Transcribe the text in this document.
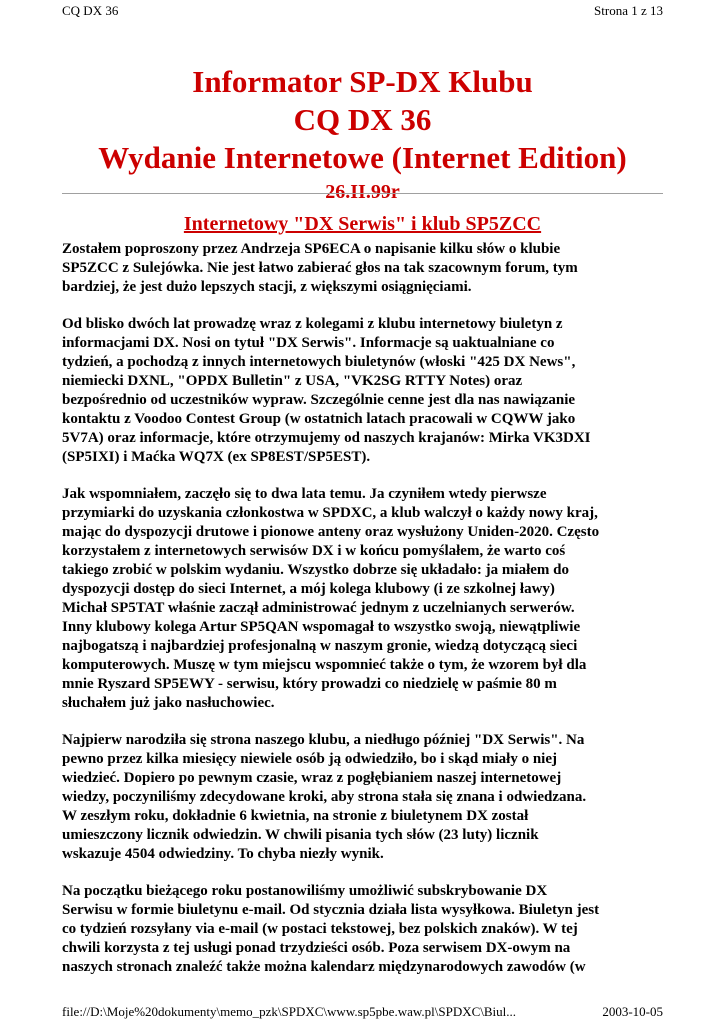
CQ DX 36	Strona 1 z 13
Informator SP-DX Klubu
CQ DX 36
Wydanie Internetowe (Internet Edition)
26.II.99r
Internetowy "DX Serwis" i klub SP5ZCC
Zostałem poproszony przez Andrzeja SP6ECA o napisanie kilku słów o klubie
SP5ZCC z Sulejówka. Nie jest łatwo zabierać głos na tak szacownym forum, tym
bardziej, że jest dużo lepszych stacji, z większymi osiągnięciami.
Od blisko dwóch lat prowadzę wraz z kolegami z klubu internetowy biuletyn z
informacjami DX. Nosi on tytuł "DX Serwis". Informacje są uaktualniane co
tydzień, a pochodzą z innych internetowych biuletynów (włoski "425 DX News",
niemiecki DXNL, "OPDX Bulletin" z USA, "VK2SG RTTY Notes) oraz
bezpośrednio od uczestników wypraw. Szczególnie cenne jest dla nas nawiązanie
kontaktu z Voodoo Contest Group (w ostatnich latach pracowali w CQWW jako
5V7A) oraz informacje, które otrzymujemy od naszych krajanów: Mirka VK3DXI
(SP5IXI) i Maćka WQ7X (ex SP8EST/SP5EST).
Jak wspomniałem, zaczęło się to dwa lata temu. Ja czyniłem wtedy pierwsze
przymiarki do uzyskania członkostwa w SPDXC, a klub walczył o każdy nowy kraj,
mając do dyspozycji drutowe i pionowe anteny oraz wysłużony Uniden-2020. Często
korzystałem z internetowych serwisów DX i w końcu pomyślałem, że warto coś
takiego zrobić w polskim wydaniu. Wszystko dobrze się układało: ja miałem do
dyspozycji dostęp do sieci Internet, a mój kolega klubowy (i ze szkolnej ławy)
Michał SP5TAT właśnie zaczął administrować jednym z uczelnianych serwerów.
Inny klubowy kolega Artur SP5QAN wspomagał to wszystko swoją, niewątpliwie
najbogatszą i najbardziej profesjonalną w naszym gronie, wiedzą dotyczącą sieci
komputerowych. Muszę w tym miejscu wspomnieć także o tym, że wzorem był dla
mnie Ryszard SP5EWY - serwisu, który prowadzi co niedzielę w paśmie 80 m
słuchałem już jako nasłuchowiec.
Najpierw narodziła się strona naszego klubu, a niedługo później "DX Serwis". Na
pewno przez kilka miesięcy niewiele osób ją odwiedziło, bo i skąd miały o niej
wiedzieć. Dopiero po pewnym czasie, wraz z pogłębianiem naszej internetowej
wiedzy, poczyniliśmy zdecydowane kroki, aby strona stała się znana i odwiedzana.
W zeszłym roku, dokładnie 6 kwietnia, na stronie z biuletynem DX został
umieszczony licznik odwiedzin. W chwili pisania tych słów (23 luty) licznik
wskazuje 4504 odwiedziny. To chyba niezły wynik.
Na początku bieżącego roku postanowiliśmy umożliwić subskrybowanie DX
Serwisu w formie biuletynu e-mail. Od stycznia działa lista wysyłkowa. Biuletyn jest
co tydzień rozsyłany via e-mail (w postaci tekstowej, bez polskich znaków). W tej
chwili korzysta z tej usługi ponad trzydzieści osób. Poza serwisem DX-owym na
naszych stronach znaleźć także można kalendarz międzynarodowych zawodów (w
file://D:\Moje%20dokumenty\memo_pzk\SPDXC\www.sp5pbe.waw.pl\SPDXC\Biul...	2003-10-05
